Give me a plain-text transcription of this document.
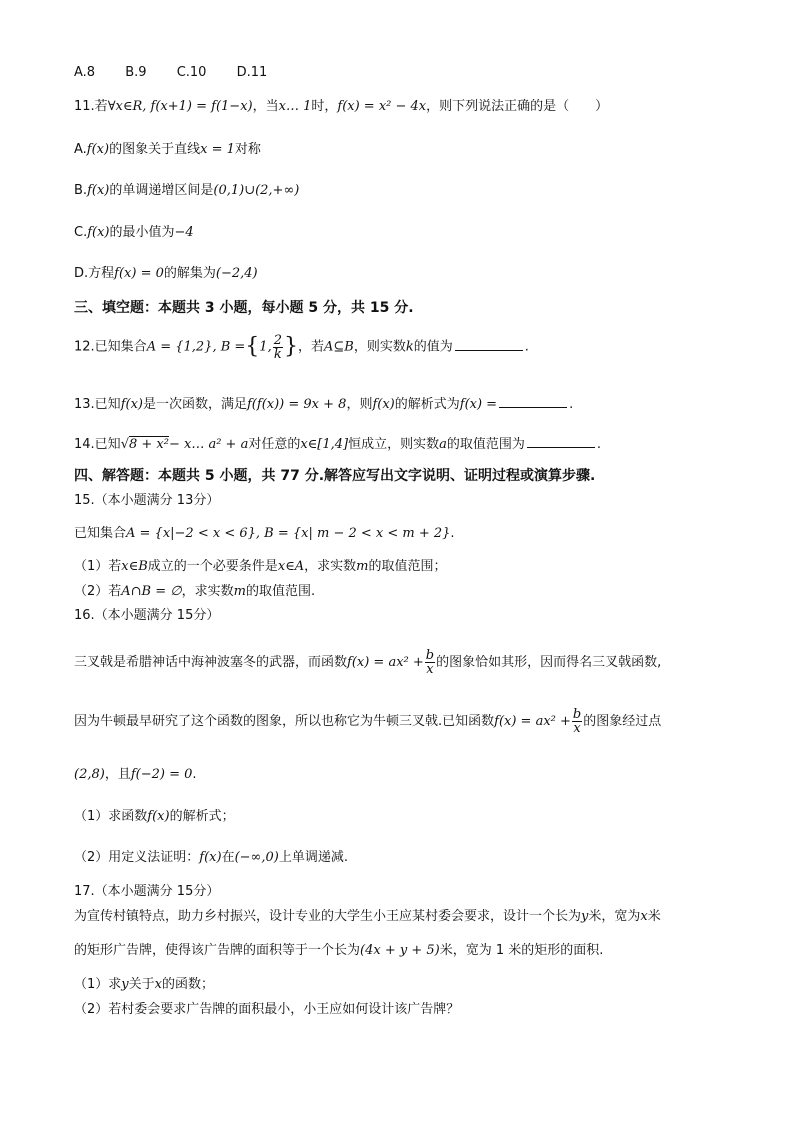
A.8 B.9 C.10 D.11
11.若∀x∈R, f(x+1) = f(1−x)，当x… 1时，f(x) = x² − 4x，则下列说法正确的是（　　）
A.f(x)的图象关于直线x = 1对称
B.f(x)的单调递增区间是(0,1)∪(2,+∞)
C.f(x)的最小值为−4
D.方程f(x) = 0的解集为(−2,4)
三、填空题：本题共 3 小题，每小题 5 分，共 15 分.
12.已知集合A = {1,2}, B ={1, $\frac{2}{k}$ }，若A⊆B，则实数k的值为	.
13.已知f(x)是一次函数，满足f(f(x)) = 9x + 8，则f(x)的解析式为f(x) =	.
14.已知√8 + x²− x… a² + a对任意的x∈[1,4]恒成立，则实数a的取值范围为	.
四、解答题：本题共 5 小题，共 77 分.解答应写出文字说明、证明过程或演算步骤.
15.（本小题满分 13分）
已知集合A = {x|−2 < x < 6}, B = {x| m − 2 < x < m + 2}.
（1）若x∈B成立的一个必要条件是x∈A，求实数m的取值范围；
（2）若A∩B = ∅，求实数m的取值范围.
16.（本小题满分 15分）
三叉戟是希腊神话中海神波塞冬的武器，而函数$f(x) = ax^2 + \frac{b}{x}$ 的图象恰如其形，因而得名三叉戟函数,
因为牛顿最早研究了这个函数的图象，所以也称它为牛顿三叉戟.已知函数$f(x) = ax^2 + \frac{b}{x}$ 的图象经过点
(2,8)，且f(−2) = 0.
（1）求函数f(x)的解析式；
（2）用定义法证明：f(x)在(−∞,0)上单调递减.
17.（本小题满分 15分）
为宣传村镇特点，助力乡村振兴，设计专业的大学生小王应某村委会要求，设计一个长为y米，宽为x米
的矩形广告牌，使得该广告牌的面积等于一个长为(4x + y + 5)米，宽为 1 米的矩形的面积.
（1）求y关于x的函数；
（2）若村委会要求广告牌的面积最小，小王应如何设计该广告牌？
